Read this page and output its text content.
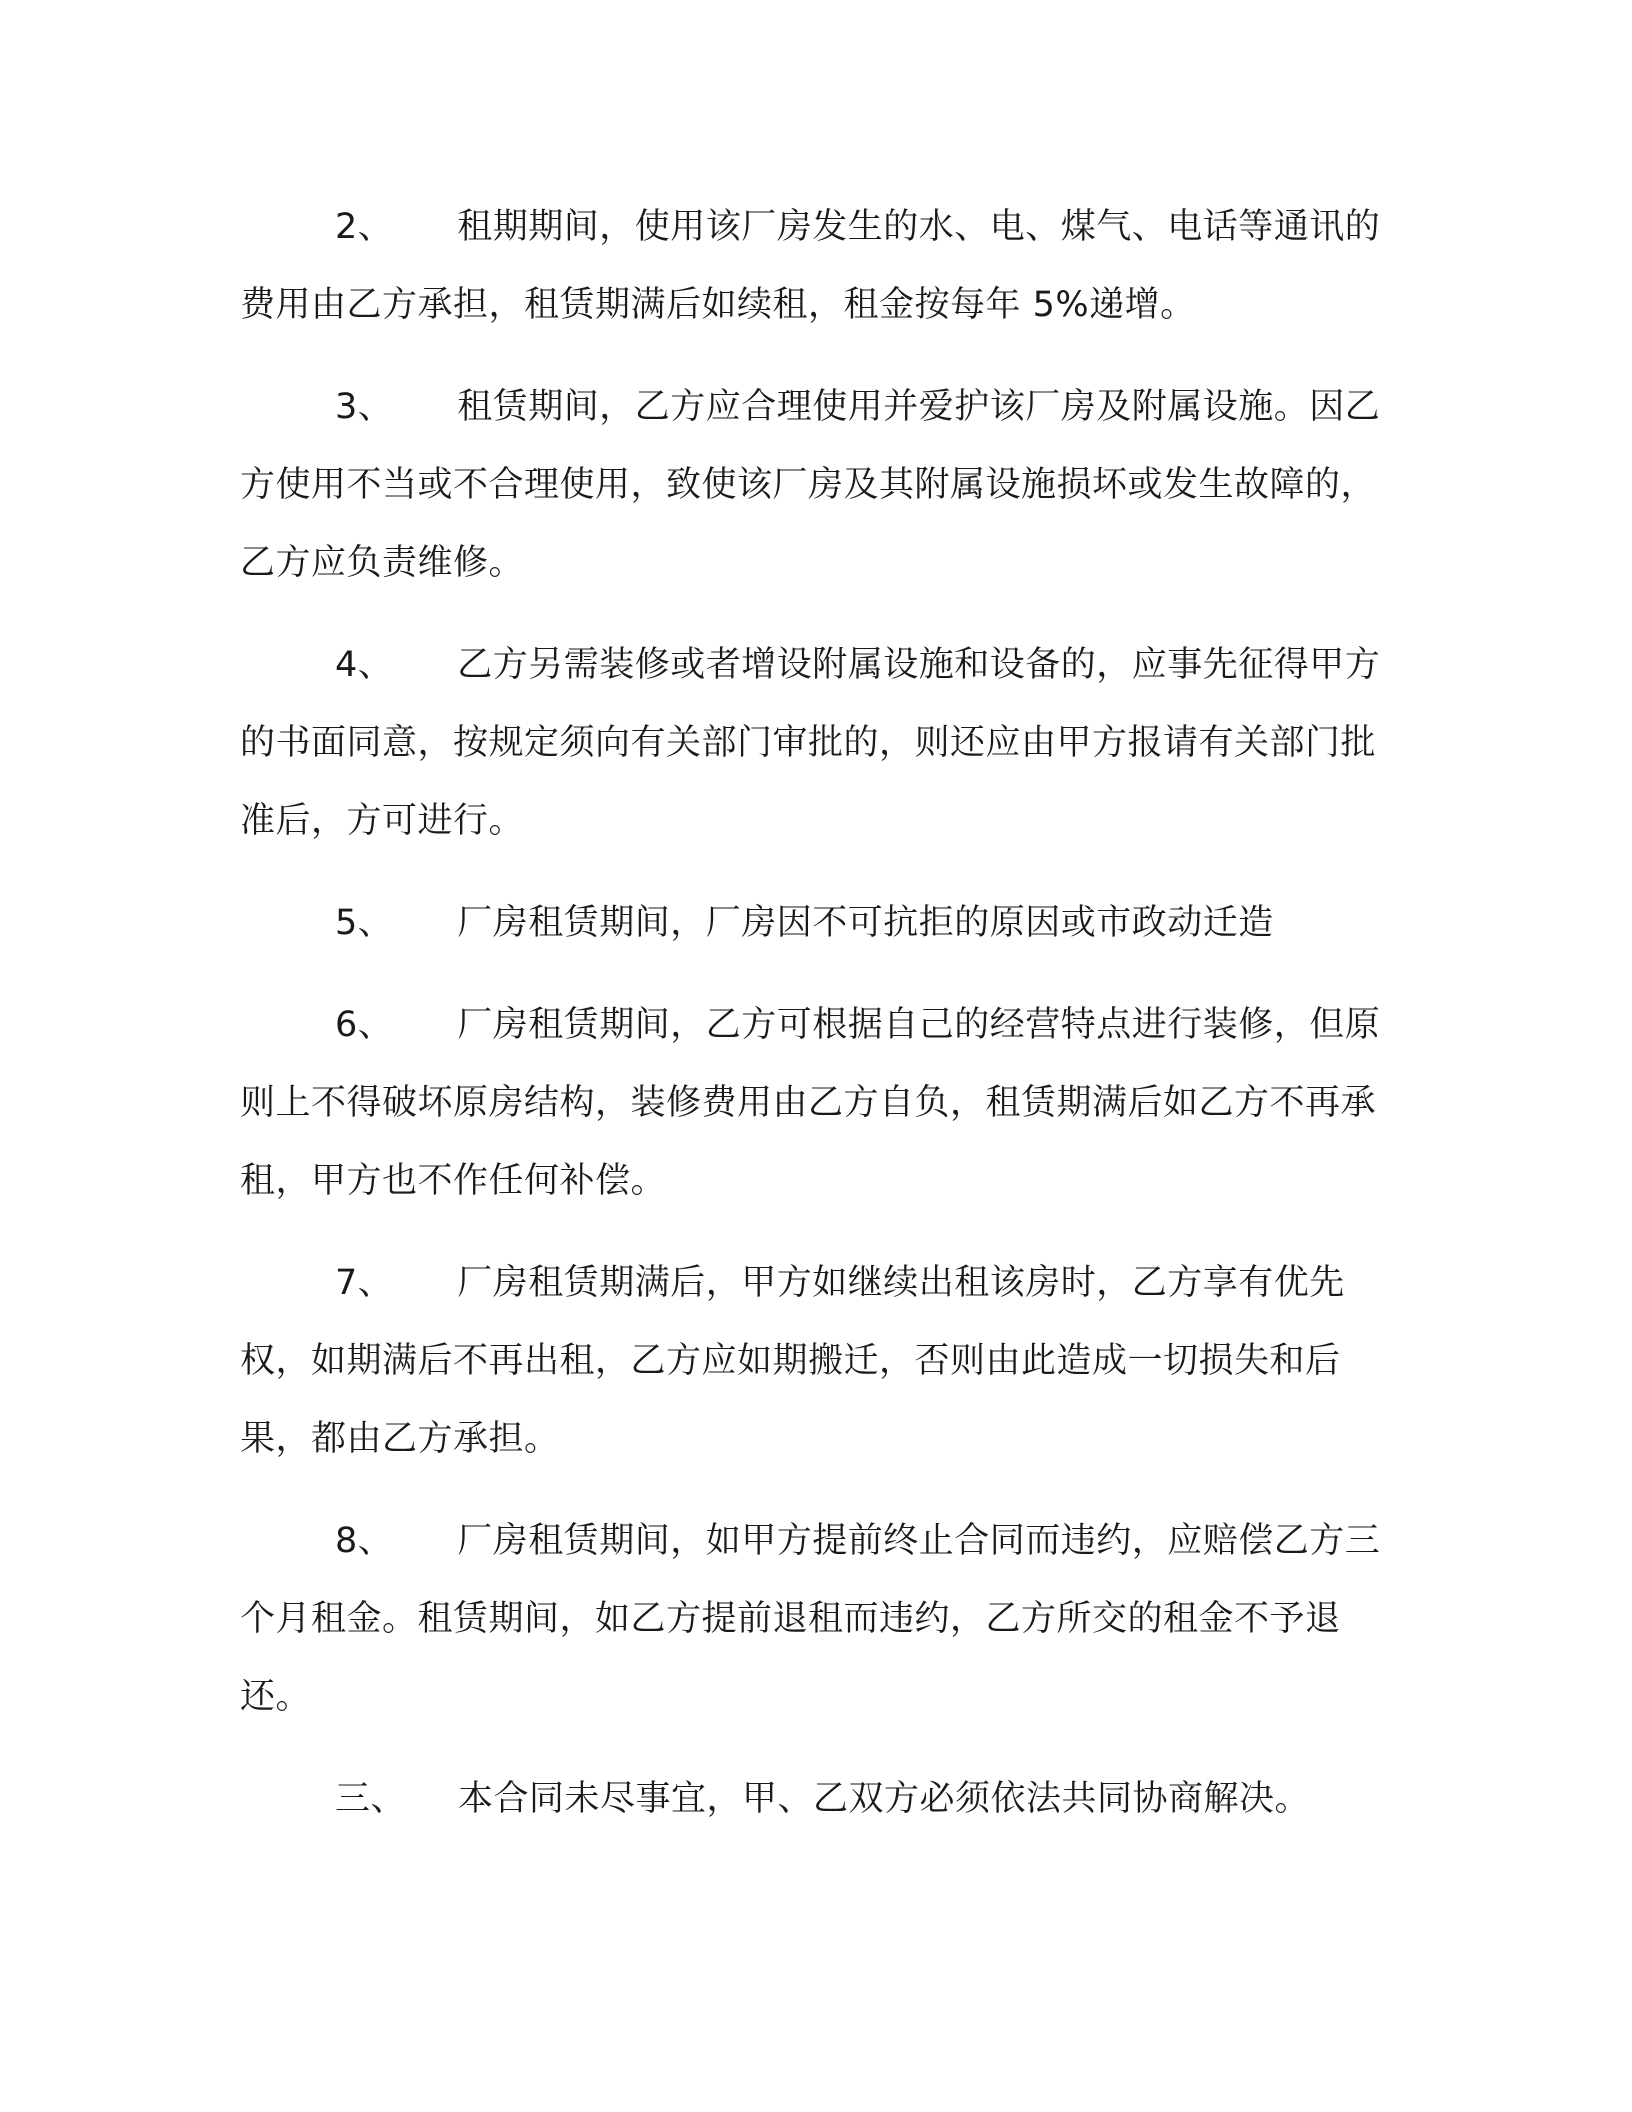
2、 租期期间，使用该厂房发生的水、电、煤气、电话等通讯的费用由乙方承担，租赁期满后如续租，租金按每年 5%递增。

3、 租赁期间，乙方应合理使用并爱护该厂房及附属设施。因乙方使用不当或不合理使用，致使该厂房及其附属设施损坏或发生故障的，乙方应负责维修。

4、 乙方另需装修或者增设附属设施和设备的，应事先征得甲方的书面同意，按规定须向有关部门审批的，则还应由甲方报请有关部门批准后，方可进行。

5、 厂房租赁期间，厂房因不可抗拒的原因或市政动迁造

6、 厂房租赁期间，乙方可根据自己的经营特点进行装修，但原则上不得破坏原房结构，装修费用由乙方自负，租赁期满后如乙方不再承租，甲方也不作任何补偿。

7、 厂房租赁期满后，甲方如继续出租该房时，乙方享有优先权，如期满后不再出租，乙方应如期搬迁，否则由此造成一切损失和后果，都由乙方承担。

8、 厂房租赁期间，如甲方提前终止合同而违约，应赔偿乙方三个月租金。租赁期间，如乙方提前退租而违约，乙方所交的租金不予退还。

三、 本合同未尽事宜，甲、乙双方必须依法共同协商解决。
